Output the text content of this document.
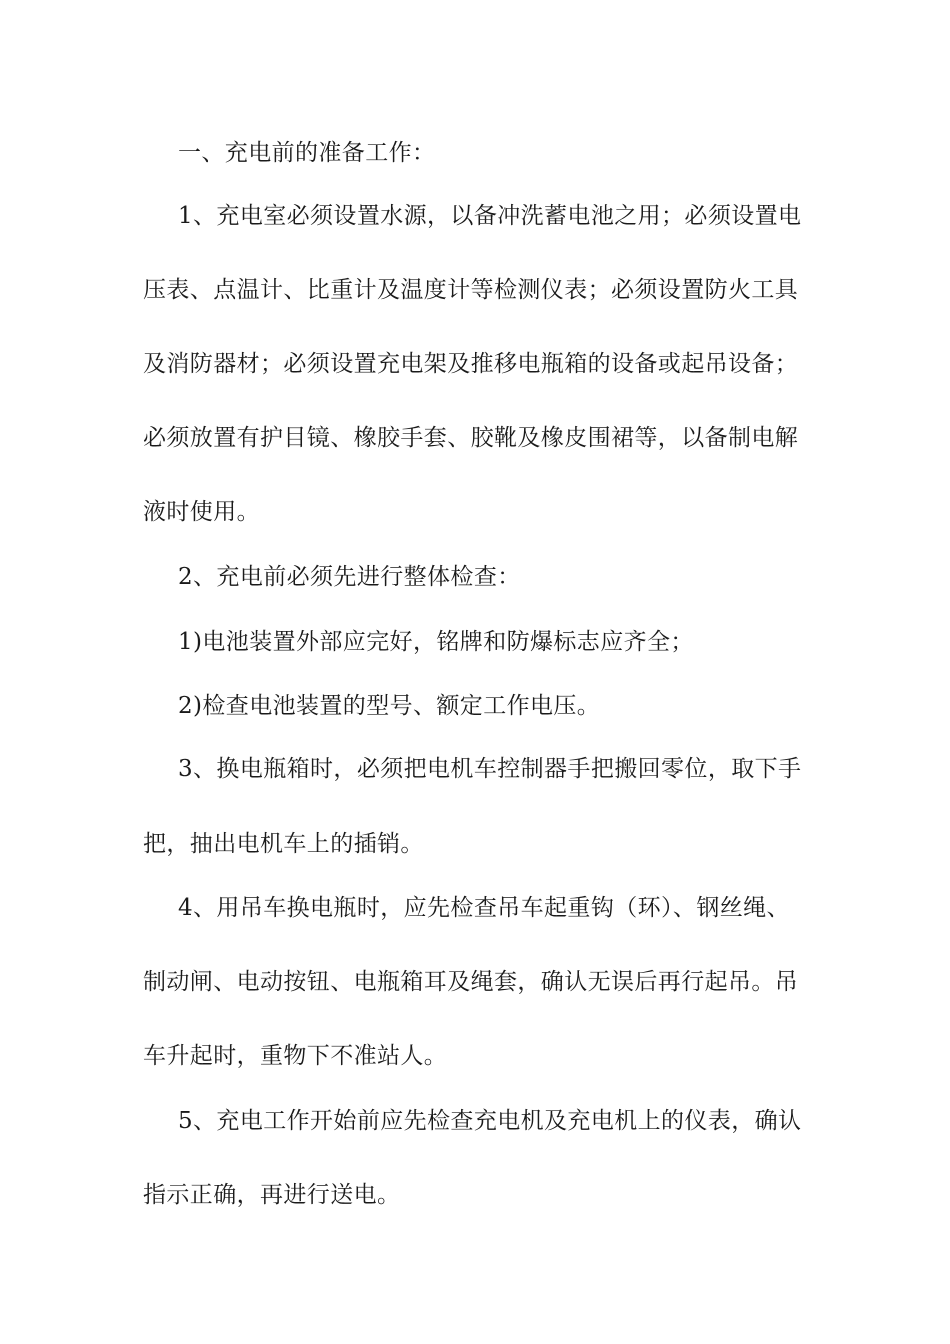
一、充电前的准备工作：
1、充电室必须设置水源，以备冲洗蓄电池之用；必须设置电
压表、点温计、比重计及温度计等检测仪表；必须设置防火工具
及消防器材；必须设置充电架及推移电瓶箱的设备或起吊设备；
必须放置有护目镜、橡胶手套、胶靴及橡皮围裙等，以备制电解
液时使用。
2、充电前必须先进行整体检查：
1)电池装置外部应完好，铭牌和防爆标志应齐全；
2)检查电池装置的型号、额定工作电压。
3、换电瓶箱时，必须把电机车控制器手把搬回零位，取下手
把，抽出电机车上的插销。
4、用吊车换电瓶时，应先检查吊车起重钩（环）、钢丝绳、
制动闸、电动按钮、电瓶箱耳及绳套，确认无误后再行起吊。吊
车升起时，重物下不准站人。
5、充电工作开始前应先检查充电机及充电机上的仪表，确认
指示正确，再进行送电。
